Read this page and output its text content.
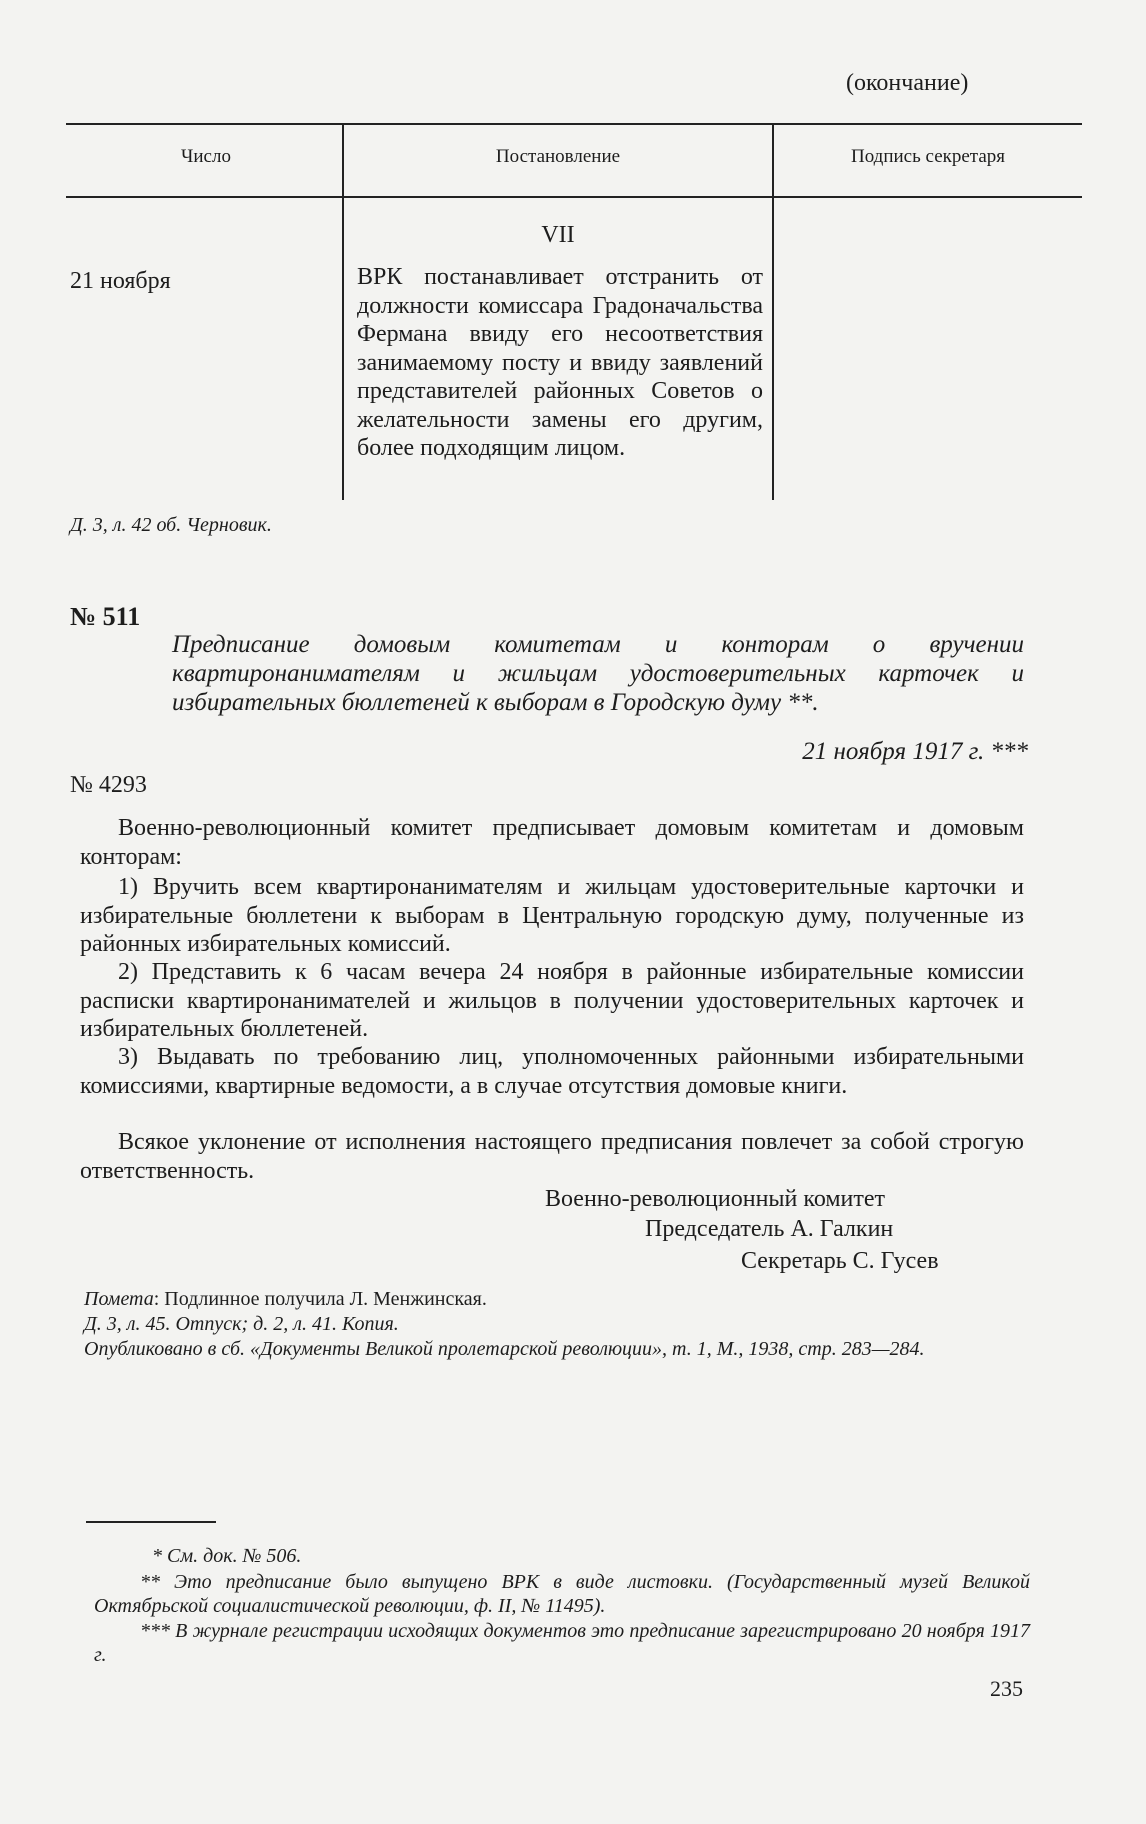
(окончание)
Число	Постановление	Подпись секретаря
VII
21 ноября	ВРК постанавливает отстранить от должности комиссара Градоначальства Фермана ввиду его несоответствия занимаемому посту и ввиду заявлений представителей районных Советов о желательности замены его другим, более подходящим лицом.
Д. 3, л. 42 об. Черновик.
№ 511
Предписание домовым комитетам и конторам о вручении квартиронанимателям и жильцам удостоверительных карточек и избирательных бюллетеней к выборам в Городскую думу **.
21 ноября 1917 г. ***
№ 4293
Военно-революционный комитет предписывает домовым комитетам и домовым конторам:
1) Вручить всем квартиронанимателям и жильцам удостоверительные карточки и избирательные бюллетени к выборам в Центральную городскую думу, полученные из районных избирательных комиссий.
2) Представить к 6 часам вечера 24 ноября в районные избирательные комиссии расписки квартиронанимателей и жильцов в получении удостоверительных карточек и избирательных бюллетеней.
3) Выдавать по требованию лиц, уполномоченных районными избирательными комиссиями, квартирные ведомости, а в случае отсутствия домовые книги.
Всякое уклонение от исполнения настоящего предписания повлечет за собой строгую ответственность.
Военно-революционный комитет
Председатель А. Галкин
Секретарь С. Гусев
Помета: Подлинное получила Л. Менжинская.
Д. 3, л. 45. Отпуск; д. 2, л. 41. Копия.
Опубликовано в сб. «Документы Великой пролетарской революции», т. 1, М., 1938, стр. 283—284.
* См. док. № 506.
** Это предписание было выпущено ВРК в виде листовки. (Государственный музей Великой Октябрьской социалистической революции, ф. II, № 11495).
*** В журнале регистрации исходящих документов это предписание зарегистрировано 20 ноября 1917 г.
235
